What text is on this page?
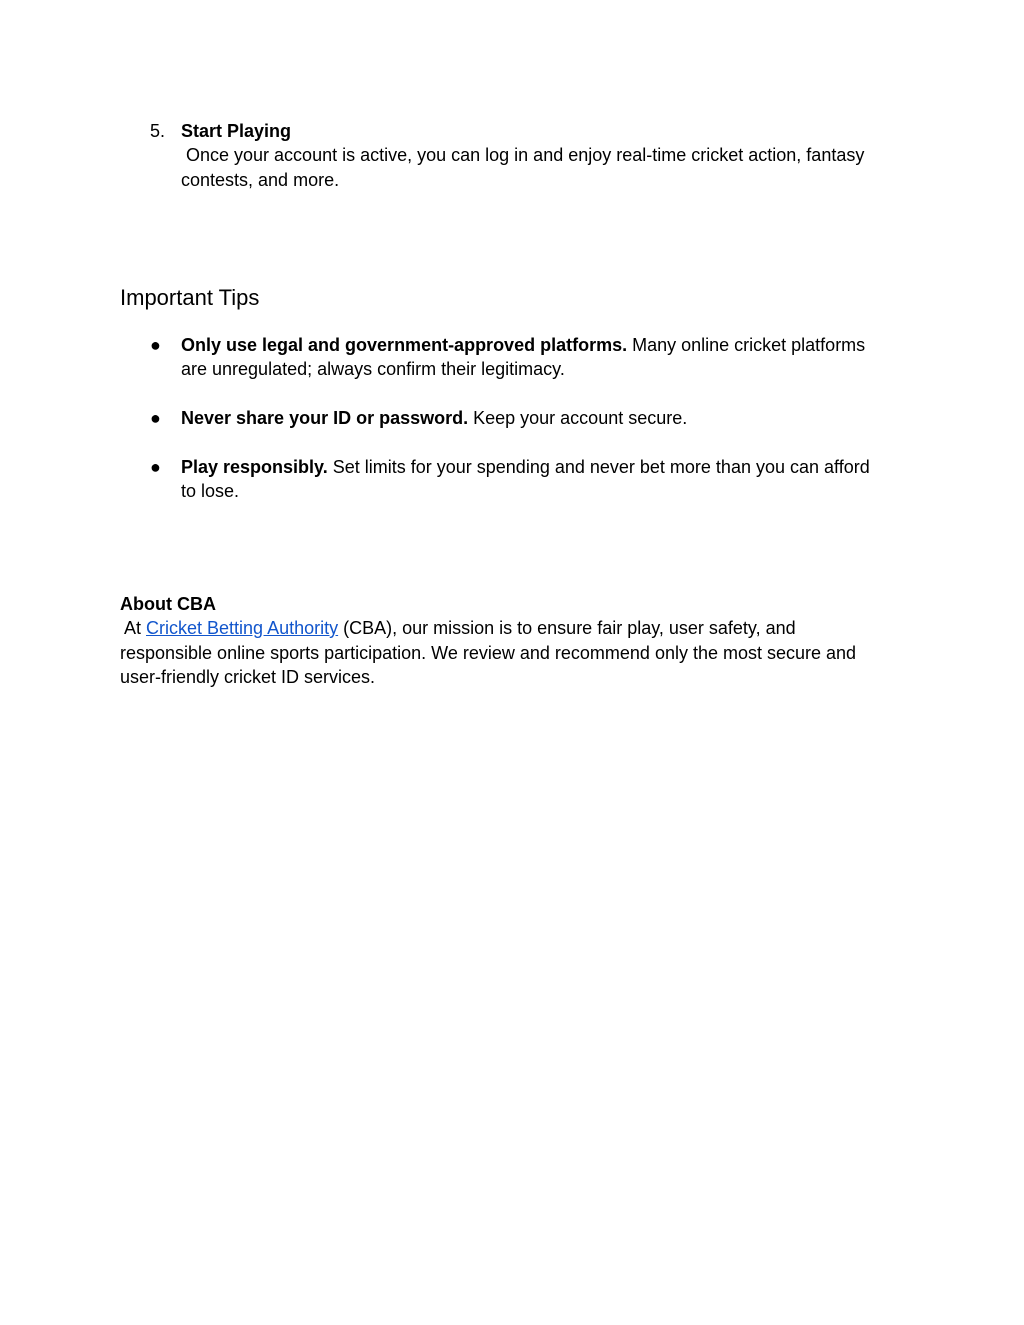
5. Start Playing
Once your account is active, you can log in and enjoy real-time cricket action, fantasy
contests, and more.
Important Tips
● Only use legal and government-approved platforms. Many online cricket platforms
are unregulated; always confirm their legitimacy.
● Never share your ID or password. Keep your account secure.
● Play responsibly. Set limits for your spending and never bet more than you can afford
to lose.
About CBA
At Cricket Betting Authority (CBA), our mission is to ensure fair play, user safety, and
responsible online sports participation. We review and recommend only the most secure and
user-friendly cricket ID services.
